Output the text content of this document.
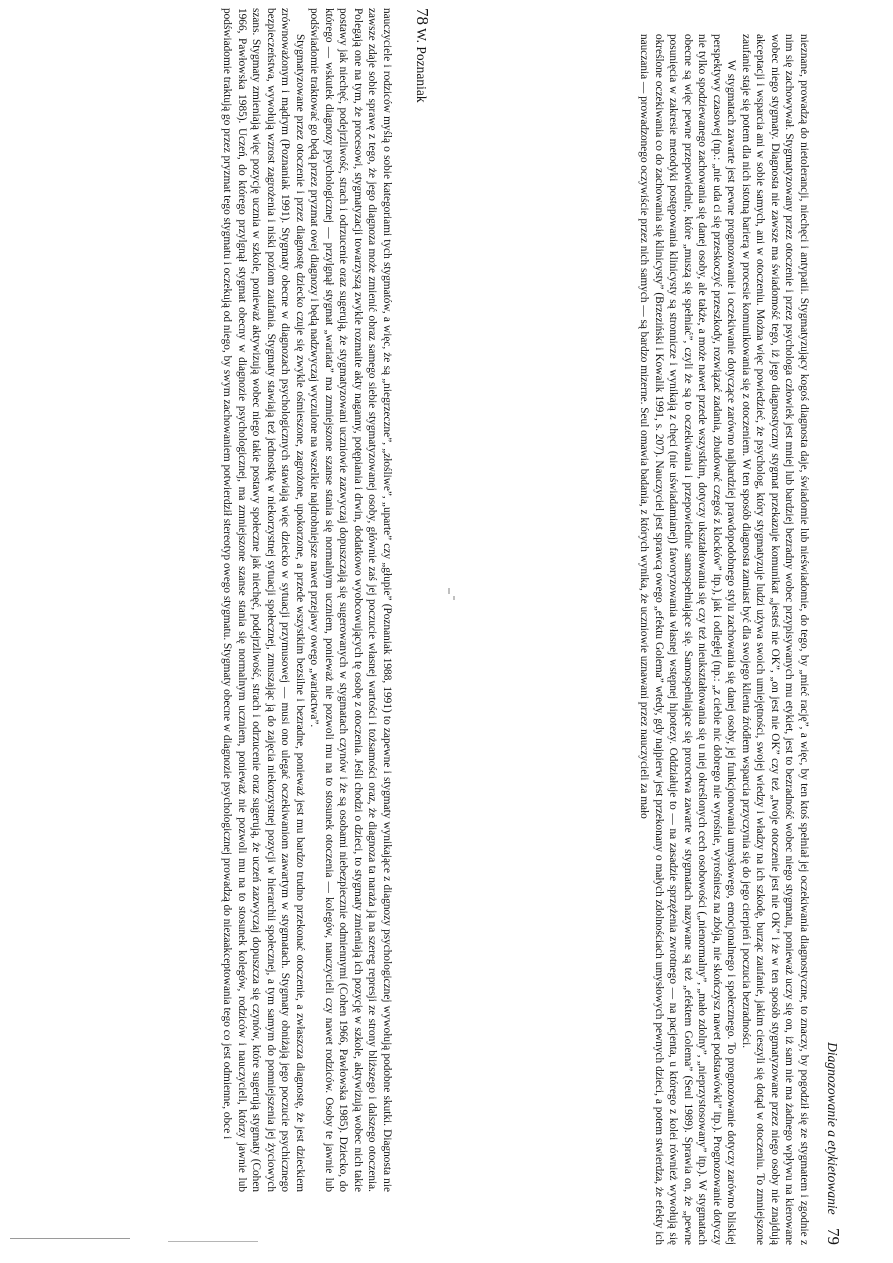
78 W. Poznaniak

nauczyciele i rodziców myślą o sobie kategoriami tych stygmatów, a więc, że są „niegrzeczne”, „złośliwe”, „uparte” czy „głupie” (Poznaniak 1988, 1991) to zapewne i stygmaty wynikające z diagnozy psychologicznej wywołują podobne skutki. Diagnosta nie zawsze zdaje sobie sprawę z tego, że jego diagnoza może zmienić obraz samego siebie stygmatyzowanej osoby, głównie zaś jej poczucie własnej wartości i tożsamości oraz, że diagnoza ta naraża ją na szereg represji ze strony bliższego i dalszego otoczenia. Polegają one na tym, że procesowi, stygmatyzacji towarzyszą zwykle rozmaite akty naganny, potępiania i drwin, dodatkowo wyobcowujących tę osobę z otoczenia. Jeśli chodzi o dzieci, to stygmaty zmieniają ich pozycję w szkole, aktywizują wobec nich takie postawy jak niechęć, podejrzliwość, strach i odrzucenie oraz sugerują, że stygmatyzowani uczniowie zazwyczaj dopuszczają się sugerowanych w stygmatach czynów i że są osobami niebezpiecznie odmiennymi (Cohen 1966, Pawłowska 1985). Dziecko, do którego — wskutek diagnozy psychologicznej — przylgnął stygmat „wariata” ma zmniejszone szanse stania się normalnym uczniem, ponieważ nie pozwoli mu na to stosunek otoczenia — kolegów, nauczycieli czy nawet rodziców. Osoby te jawnie lub podświadomie traktować go będą przez pryzmat owej diagnozy i będą nadzwyczaj wyczulone na wszelkie najdrobniejsze nawet przejawy owego „wariactwa”.

Stygmatyzowane przez otoczenie i przez diagnostę dziecko czuje się zwykle ośmieszone, zagrożone, upokorzone, a przede wszystkim bezsilne i bezradne, ponieważ jest mu bardzo trudno przekonać otoczenie, a zwłaszcza diagnostę, że jest dzieckiem zrównoważonym i mądrym (Poznaniak 1991). Stygmaty obecne w diagnozach psychologicznych stawiają więc dziecko w sytuacji przymusowej — musi ono ulegać oczekiwaniom zawartym w stygmatach. Stygmaty obniżają jego poczucie psychicznego bezpieczeństwa, wywołują wzrost zagrożenia i niski poziom zaufania. Stygmaty stawiają też jednostkę w niekorzystnej sytuacji społecznej, zmuszając ją do zajęcia niekorzystnej pozycji w hierarchii społecznej, a tym samym do pomniejszenia jej życiowych szans. Stygmaty zmieniają więc pozycję ucznia w szkole, ponieważ aktywizują wobec niego takie postawy społeczne jak niechęć, podejrzliwość, strach i odrzucenie oraz sugerują, że uczeń zazwyczaj dopuszcza się czynów, które sugerują stygmaty (Cohen 1966, Pawłowska 1985). Uczeń, do którego przylgnął stygmat obecny w diagnozie psychologicznej, ma zmniejszone szanse stania się normalnym uczniem, ponieważ nie pozwoli mu na to stosunek kolegów, rodziców i nauczycieli, którzy jawnie lub podświadomie traktują go przez pryzmat tego stygmatu i oczekują od niego, by swym zachowaniem potwierdził stereotyp owego stygmatu. Stygmaty obecne w diagnozie psychologicznej prowadzą do niezaakceptowania tego co jest odmienne, obce i	Diagnozowanie a etykietowanie 79

nieznane, prowadzą do nietolerancji, niechęci i antypatii. Stygmatyzujący kogoś diagnosta daje, świadomie lub nieświadomie, do tego, by „mieć rację”, a więc, by ten ktoś spełniał jej oczekiwania diagnostyczne, to znaczy, by pogodził się ze stygmatem i zgodnie z nim się zachowywał. Stygmatyzowany przez otoczenie i przez psychologa człowiek jest mniej lub bardziej bezradny wobec przypisywanych mu etykiet, jest to bezradność wobec niego stygmatu, ponieważ uczy się on, iż sam nie ma żadnego wpływu na kierowane wobec niego stygmaty. Diagnosta nie zawsze ma świadomość tego, iż jego diagnostyczny stygmat przekazuje komunikat „jesteś nie OK”, „on jest nie OK” czy też „twoje otoczenie jest nie OK” i że w ten sposób stygmatyzowane przez niego osoby nie znajdują akceptacji i wsparcia ani w sobie samych, ani w otoczeniu. Można więc powiedzieć, że psycholog, który stygmatyzuje ludzi używa swoich umiejętności, swojej wiedzy i władzy na ich szkodę, burząc zaufanie, jakim cieszyli się dotąd w otoczeniu. To zmniejszone zaufanie staje się potem dla nich istotną barierą w procesie komunikowania się z otoczeniem. W ten sposób diagnosta zamiast być dla swojego klienta źródłem wsparcia przyczynia się do jego cierpień i poczucia bezradności.

W stygmatach zawarte jest pewne prognozowanie i oczekiwanie dotyczące zarówno najbardziej prawdopodobnego stylu zachowania się danej osoby, jej funkcjonowania umysłowego, emocjonalnego i społecznego. To prognozowanie dotyczy zarówno bliskiej perspektywy czasowej (np.: „nie uda ci się przeskoczyć przeszkody, rozwiązać zadania, zbudować czegoś z klocków” itp.), jak i odległej (np.: „z ciebie nic dobrego nie wyrośnie, wyrośniesz na zbója, nie skończysz nawet podstawówki” itp.). Prognozowanie dotyczy nie tylko spodziewanego zachowania się danej osoby, ale także, a może nawet przede wszystkim, dotyczy ukształtowania się czy też nieukształtowania się u niej określonych cech osobowości („nienormalny”, „mało zdolny”, „nieprzystosowany” itp.). W stygmatach obecne są więc pewne przepowiednie, które „muszą się spełniać”, czyli że są to oczekiwania i przepowiednie samospełniające się. Samospełniające się proroctwa zawarte w stygmatach nazywane są też „efektem Golema” (Seul 1989). Sprawia on, że „pewne posunięcia w zakresie metodyki postępowania klinicysty są stronnicze i wynikają z chęci (nie uświadamianej) faworyzowania własnej wstępnej hipotezy. Oddziałuje to — na zasadzie sprzężenia zwrotnego — na pacjenta, u którego z kolei również wywołują się określone oczekiwania co do zachowania się klinicysty” (Brzeziński i Kowalik 1991, s. 207). Nauczyciel jest sprawcą owego „efektu Golema” wtedy, gdy najpierw jest przekonany o małych zdolnościach umysłowych pewnych dzieci, a potem stwierdza, że efekty ich nauczania — prowadzonego oczywiście przez nich samych — są bardzo mizerne. Seul omawia badania, z których wynika, że uczniowie uznawani przez nauczycieli za mało
